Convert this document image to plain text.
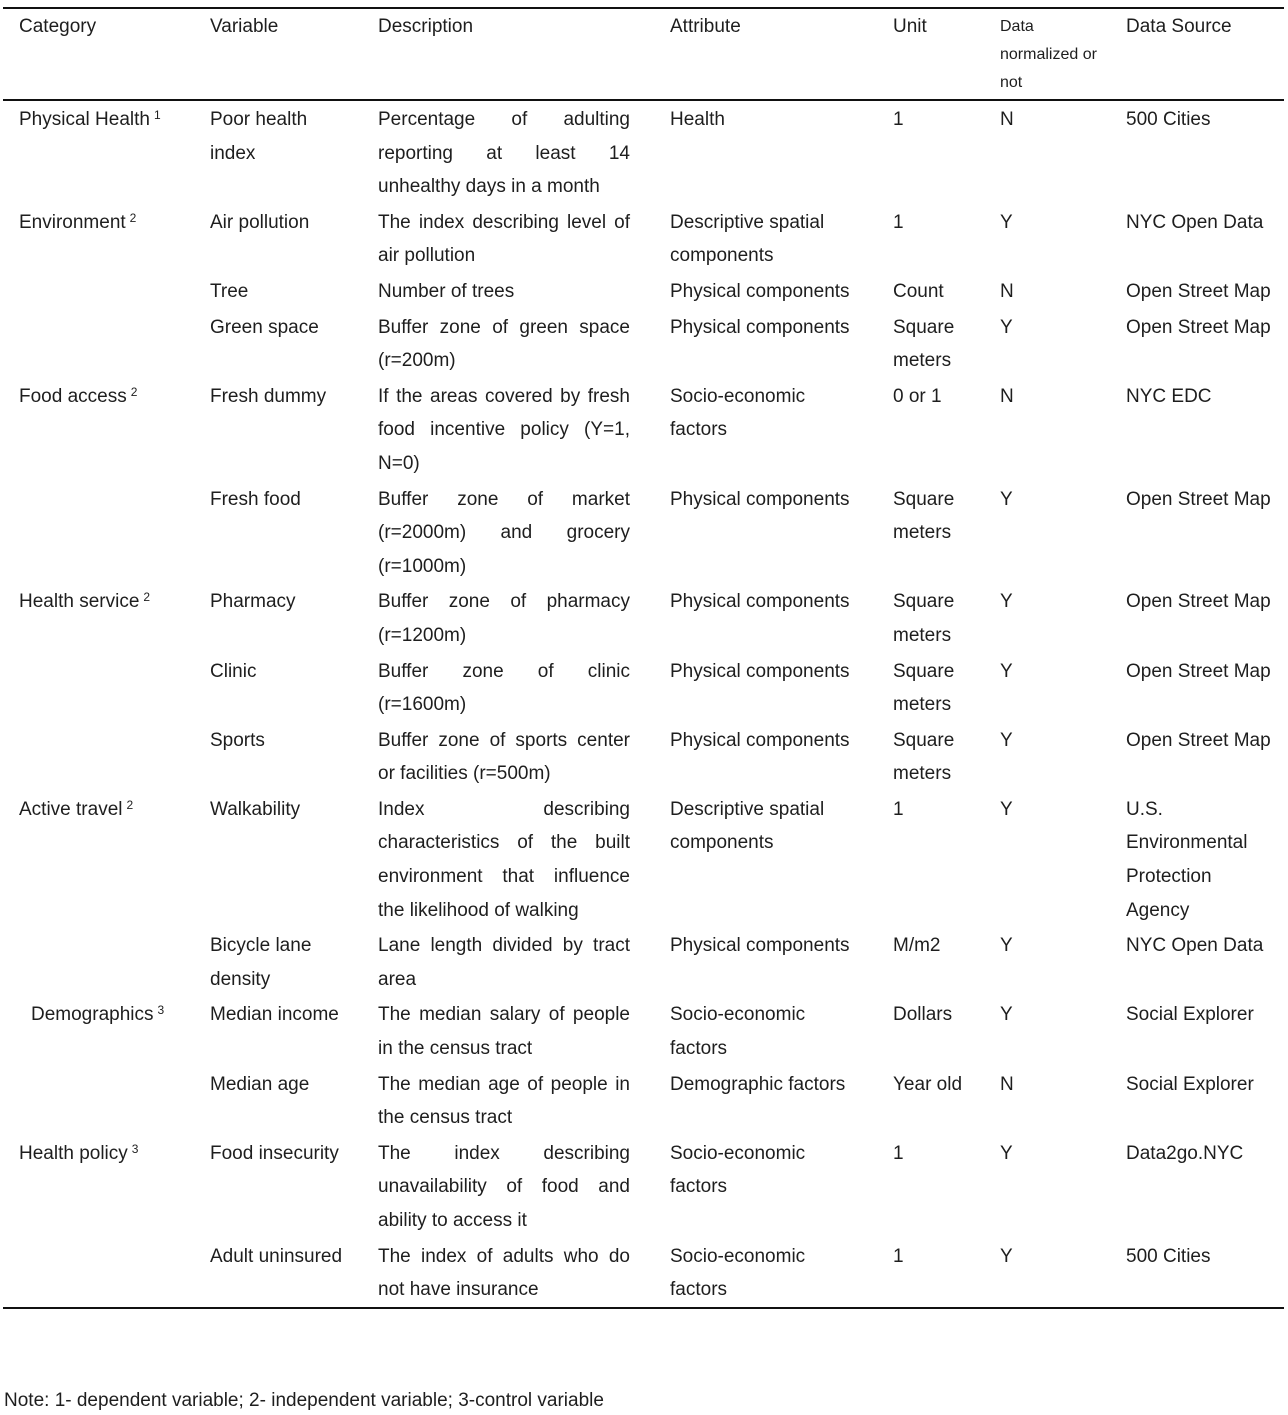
Category	Variable	Description	Attribute	Unit	Data normalized or not	Data Source
Physical Health $^1$	Poor health index	Percentage of adulting reporting at least 14 unhealthy days in a month	Health	1	N	500 Cities
Environment $^2$	Air pollution	The index describing level of air pollution	Descriptive spatial components	1	Y	NYC Open Data
	Tree	Number of trees	Physical components	Count	N	Open Street Map
	Green space	Buffer zone of green space (r=200m)	Physical components	Square meters	Y	Open Street Map
Food access $^2$	Fresh dummy	If the areas covered by fresh food incentive policy (Y=1, N=0)	Socio-economic factors	0 or 1	N	NYC EDC
	Fresh food	Buffer zone of market (r=2000m) and grocery (r=1000m)	Physical components	Square meters	Y	Open Street Map
Health service $^2$	Pharmacy	Buffer zone of pharmacy (r=1200m)	Physical components	Square meters	Y	Open Street Map
	Clinic	Buffer zone of clinic (r=1600m)	Physical components	Square meters	Y	Open Street Map
	Sports	Buffer zone of sports center or facilities (r=500m)	Physical components	Square meters	Y	Open Street Map
Active travel $^2$	Walkability	Index describing characteristics of the built environment that influence the likelihood of walking	Descriptive spatial components	1	Y	U.S. Environmental Protection Agency
	Bicycle lane density	Lane length divided by tract area	Physical components	M/m2	Y	NYC Open Data
Demographics $^3$	Median income	The median salary of people in the census tract	Socio-economic factors	Dollars	Y	Social Explorer
	Median age	The median age of people in the census tract	Demographic factors	Year old	N	Social Explorer
Health policy $^3$	Food insecurity	The index describing unavailability of food and ability to access it	Socio-economic factors	1	Y	Data2go.NYC
	Adult uninsured	The index of adults who do not have insurance	Socio-economic factors	1	Y	500 Cities
Note: 1- dependent variable; 2- independent variable; 3-control variable
